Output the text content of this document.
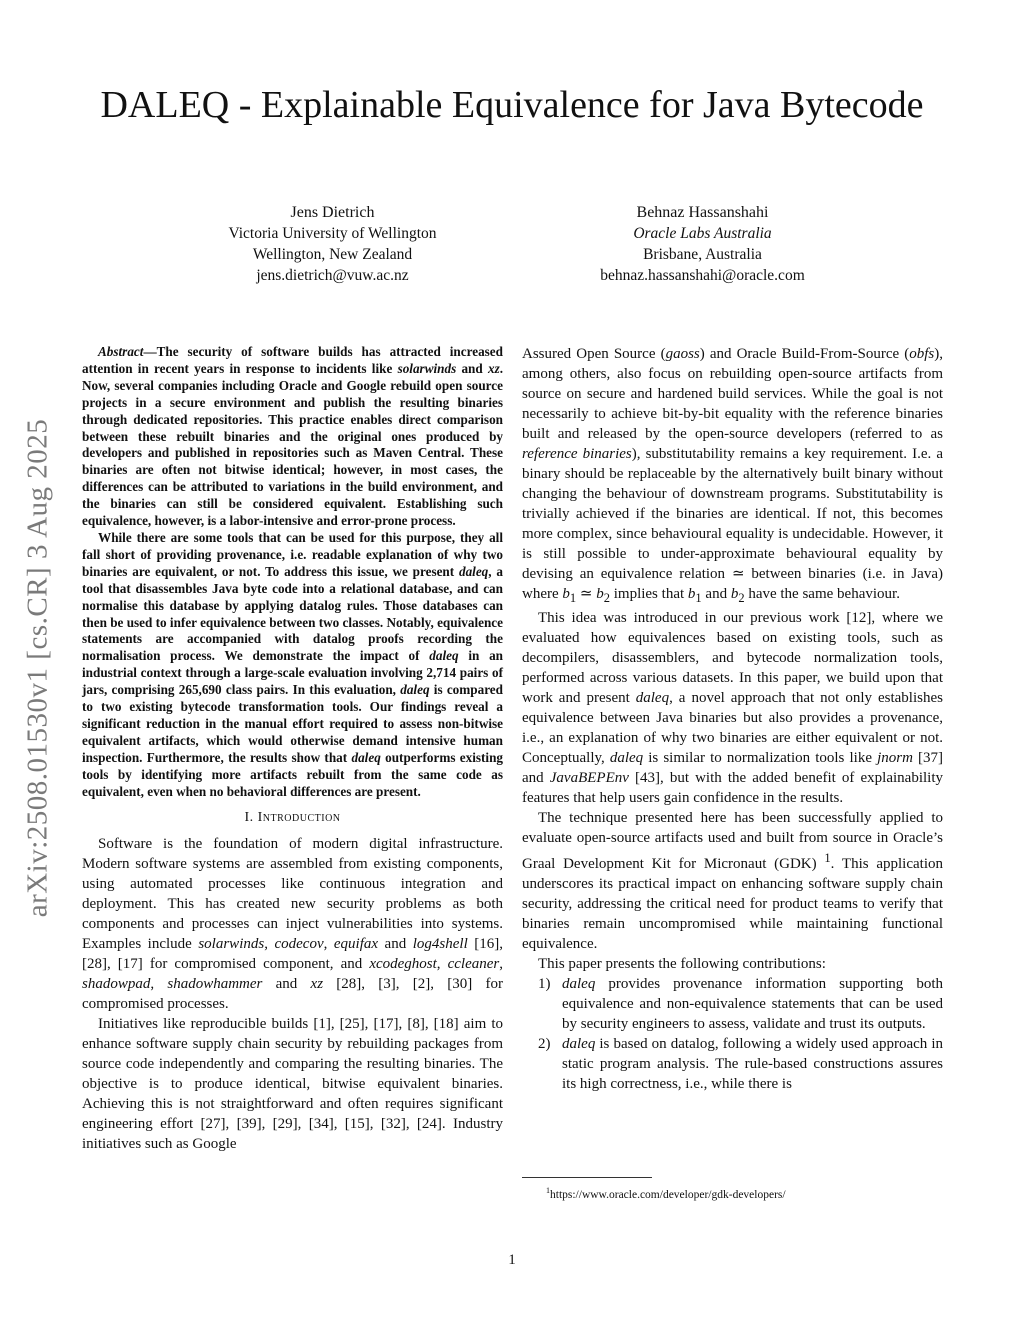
arXiv:2508.01530v1 [cs.CR] 3 Aug 2025
DALEQ - Explainable Equivalence for Java Bytecode
Jens Dietrich
Victoria University of Wellington
Wellington, New Zealand
jens.dietrich@vuw.ac.nz
Behnaz Hassanshahi
Oracle Labs Australia
Brisbane, Australia
behnaz.hassanshahi@oracle.com

Abstract—The security of software builds has attracted increased attention in recent years in response to incidents like solarwinds and xz. Now, several companies including Oracle and Google rebuild open source projects in a secure environment and publish the resulting binaries through dedicated repositories. This practice enables direct comparison between these rebuilt binaries and the original ones produced by developers and published in repositories such as Maven Central. These binaries are often not bitwise identical; however, in most cases, the differences can be attributed to variations in the build environment, and the binaries can still be considered equivalent. Establishing such equivalence, however, is a labor-intensive and error-prone process.

While there are some tools that can be used for this purpose, they all fall short of providing provenance, i.e. readable explanation of why two binaries are equivalent, or not. To address this issue, we present daleq, a tool that disassembles Java byte code into a relational database, and can normalise this database by applying datalog rules. Those databases can then be used to infer equivalence between two classes. Notably, equivalence statements are accompanied with datalog proofs recording the normalisation process. We demonstrate the impact of daleq in an industrial context through a large-scale evaluation involving 2,714 pairs of jars, comprising 265,690 class pairs. In this evaluation, daleq is compared to two existing bytecode transformation tools. Our findings reveal a significant reduction in the manual effort required to assess non-bitwise equivalent artifacts, which would otherwise demand intensive human inspection. Furthermore, the results show that daleq outperforms existing tools by identifying more artifacts rebuilt from the same code as equivalent, even when no behavioral differences are present.

I. Introduction

Software is the foundation of modern digital infrastructure. Modern software systems are assembled from existing components, using automated processes like continuous integration and deployment. This has created new security problems as both components and processes can inject vulnerabilities into systems. Examples include solarwinds, codecov, equifax and log4shell [16], [28], [17] for compromised component, and xcodeghost, ccleaner, shadowpad, shadowhammer and xz [28], [3], [2], [30] for compromised processes.

Initiatives like reproducible builds [1], [25], [17], [8], [18] aim to enhance software supply chain security by rebuilding packages from source code independently and comparing the resulting binaries. The objective is to produce identical, bitwise equivalent binaries. Achieving this is not straightforward and often requires significant engineering effort [27], [39], [29], [34], [15], [32], [24]. Industry initiatives such as Google

Assured Open Source (gaoss) and Oracle Build-From-Source (obfs), among others, also focus on rebuilding open-source artifacts from source on secure and hardened build services. While the goal is not necessarily to achieve bit-by-bit equality with the reference binaries built and released by the open-source developers (referred to as reference binaries), substitutability remains a key requirement. I.e. a binary should be replaceable by the alternatively built binary without changing the behaviour of downstream programs. Substitutability is trivially achieved if the binaries are identical. If not, this becomes more complex, since behavioural equality is undecidable. However, it is still possible to under-approximate behavioural equality by devising an equivalence relation ≃ between binaries (i.e. in Java) where $b_1$ ≃ $b_2$ implies that $b_1$ and $b_2$ have the same behaviour.

This idea was introduced in our previous work [12], where we evaluated how equivalences based on existing tools, such as decompilers, disassemblers, and bytecode normalization tools, performed across various datasets. In this paper, we build upon that work and present daleq, a novel approach that not only establishes equivalence between Java binaries but also provides a provenance, i.e., an explanation of why two binaries are either equivalent or not. Conceptually, daleq is similar to normalization tools like jnorm [37] and JavaBEPEnv [43], but with the added benefit of explainability features that help users gain confidence in the results.

The technique presented here has been successfully applied to evaluate open-source artifacts used and built from source in Oracle’s Graal Development Kit for Micronaut (GDK) $^1$. This application underscores its practical impact on enhancing software supply chain security, addressing the critical need for product teams to verify that binaries remain uncompromised while maintaining functional equivalence.

This paper presents the following contributions:

1) daleq provides provenance information supporting both equivalence and non-equivalence statements that can be used by security engineers to assess, validate and trust its outputs.
2) daleq is based on datalog, following a widely used approach in static program analysis. The rule-based constructions assures its high correctness, i.e., while there is
$^1$https://www.oracle.com/developer/gdk-developers/
1
